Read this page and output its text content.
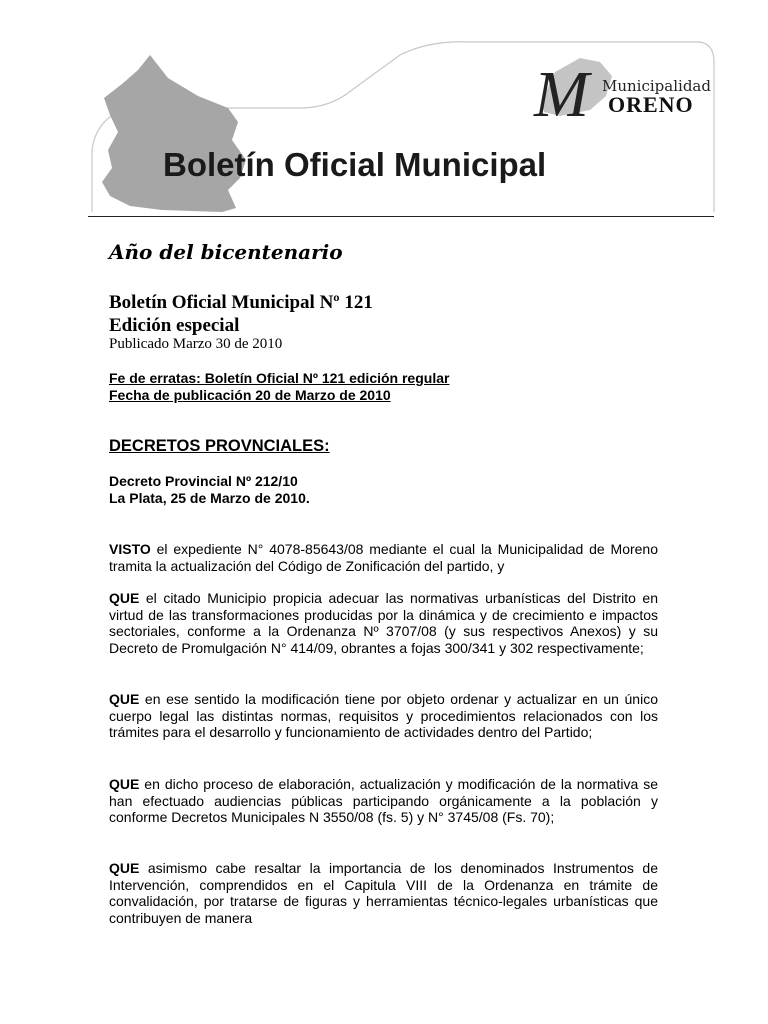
M Municipalidad
ORENO
Boletín Oficial Municipal
Año del bicentenario
Boletín Oficial Municipal Nº 121
Edición especial
Publicado Marzo 30 de 2010
Fe de erratas: Boletín Oficial Nº 121 edición regular
Fecha de publicación 20 de Marzo de 2010
DECRETOS PROVNCIALES:
Decreto Provincial Nº 212/10
La Plata, 25 de Marzo de 2010.

VISTO el expediente N° 4078-85643/08 mediante el cual la Municipalidad de Moreno tramita la actualización del Código de Zonificación del partido, y

QUE el citado Municipio propicia adecuar las normativas urbanísticas del Distrito en virtud de las transformaciones producidas por la dinámica y de crecimiento e impactos sectoriales, conforme a la Ordenanza Nº 3707/08 (y sus respectivos Anexos) y su Decreto de Promulgación N° 414/09, obrantes a fojas 300/341 y 302 respectivamente;

QUE en ese sentido la modificación tiene por objeto ordenar y actualizar en un único cuerpo legal las distintas normas, requisitos y procedimientos relacionados con los trámites para el desarrollo y funcionamiento de actividades dentro del Partido;

QUE en dicho proceso de elaboración, actualización y modificación de la normativa se han efectuado audiencias públicas participando orgánicamente a la población y conforme Decretos Municipales N 3550/08 (fs. 5) y N° 3745/08 (Fs. 70);

QUE asimismo cabe resaltar la importancia de los denominados Instrumentos de Intervención, comprendidos en el Capitula VIII de la Ordenanza en trámite de convalidación, por tratarse de figuras y herramientas técnico-legales urbanísticas que contribuyen de manera
